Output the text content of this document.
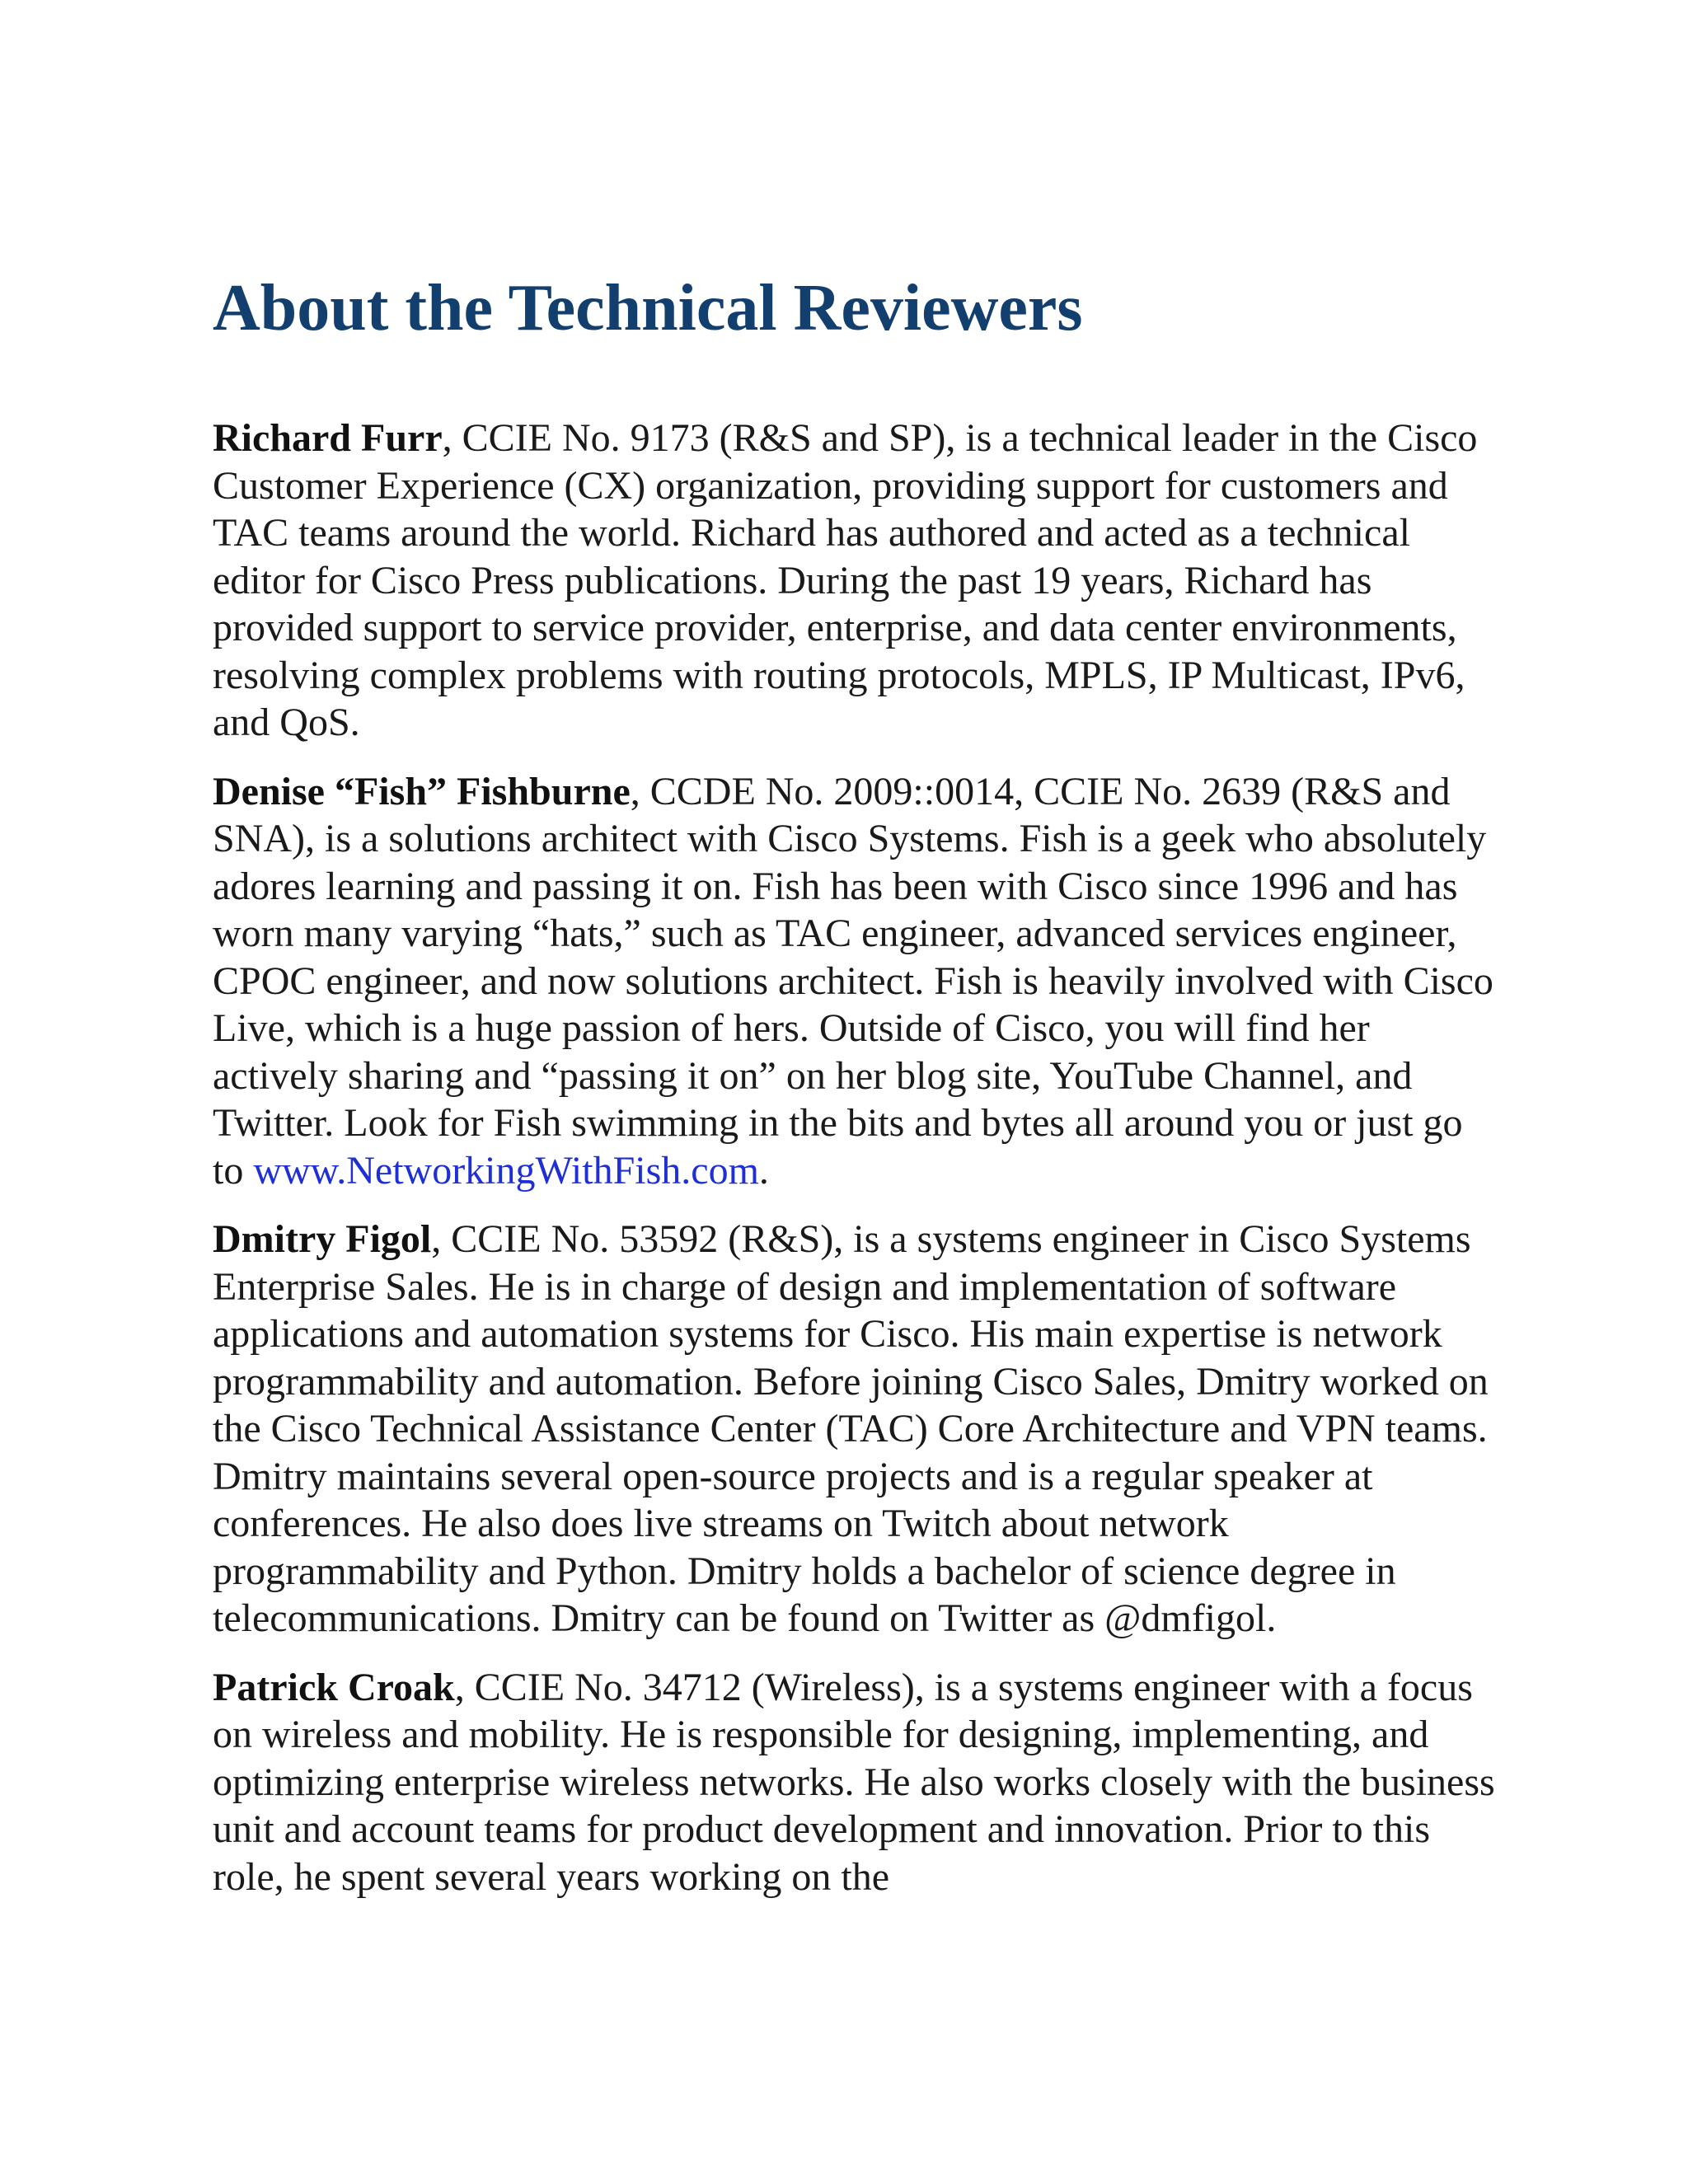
About the Technical Reviewers

Richard Furr, CCIE No. 9173 (R&S and SP), is a technical leader in the Cisco Customer Experience (CX) organization, providing support for customers and TAC teams around the world. Richard has authored and acted as a technical editor for Cisco Press publications. During the past 19 years, Richard has provided support to service provider, enterprise, and data center environments, resolving complex problems with routing protocols, MPLS, IP Multicast, IPv6, and QoS.

Denise “Fish” Fishburne, CCDE No. 2009::0014, CCIE No. 2639 (R&S and SNA), is a solutions architect with Cisco Systems. Fish is a geek who absolutely adores learning and passing it on. Fish has been with Cisco since 1996 and has worn many varying “hats,” such as TAC engineer, advanced services engineer, CPOC engineer, and now solutions architect. Fish is heavily involved with Cisco Live, which is a huge passion of hers. Outside of Cisco, you will find her actively sharing and “passing it on” on her blog site, YouTube Channel, and Twitter. Look for Fish swimming in the bits and bytes all around you or just go to www.NetworkingWithFish.com.

Dmitry Figol, CCIE No. 53592 (R&S), is a systems engineer in Cisco Systems Enterprise Sales. He is in charge of design and implementation of software applications and automation systems for Cisco. His main expertise is network programmability and automation. Before joining Cisco Sales, Dmitry worked on the Cisco Technical Assistance Center (TAC) Core Architecture and VPN teams. Dmitry maintains several open-source projects and is a regular speaker at conferences. He also does live streams on Twitch about network programmability and Python. Dmitry holds a bachelor of science degree in telecommunications. Dmitry can be found on Twitter as @dmfigol.

Patrick Croak, CCIE No. 34712 (Wireless), is a systems engineer with a focus on wireless and mobility. He is responsible for designing, implementing, and optimizing enterprise wireless networks. He also works closely with the business unit and account teams for product development and innovation. Prior to this role, he spent several years working on the
